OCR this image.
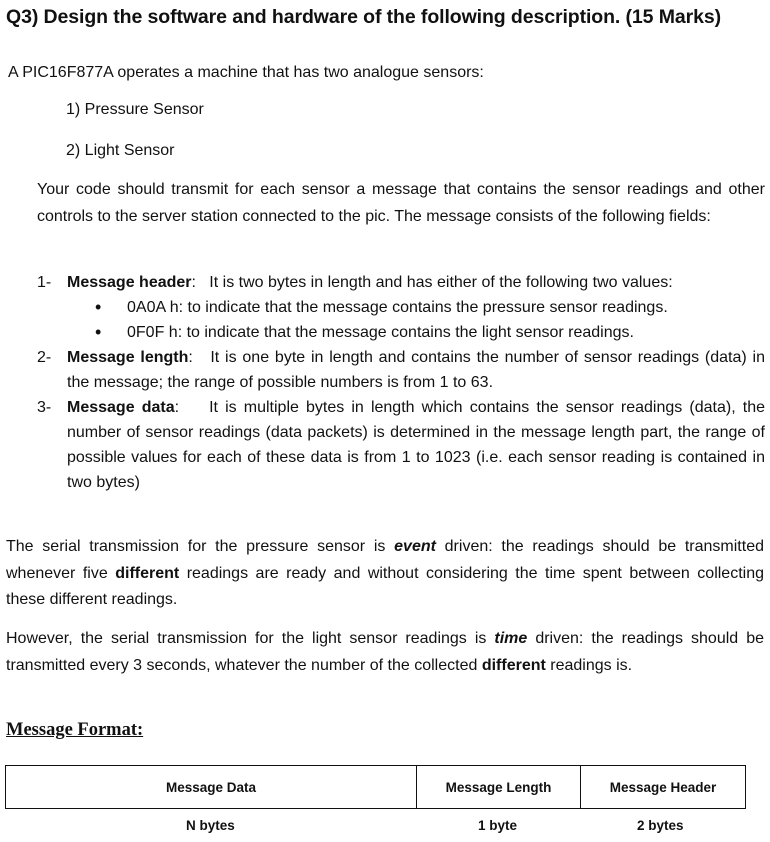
Q3) Design the software and hardware of the following description. (15 Marks)
A PIC16F877A operates a machine that has two analogue sensors:
1) Pressure Sensor
2) Light Sensor
Your code should transmit for each sensor a message that contains the sensor readings and other controls to the server station connected to the pic. The message consists of the following fields:
1- Message header:   It is two bytes in length and has either of the following two values:
• 0A0A h: to indicate that the message contains the pressure sensor readings.
• 0F0F h: to indicate that the message contains the light sensor readings.
2- Message length:   It is one byte in length and contains the number of sensor readings (data) in the message; the range of possible numbers is from 1 to 63.
3- Message data: It is multiple bytes in length which contains the sensor readings (data), the number of sensor readings (data packets) is determined in the message length part, the range of possible values for each of these data is from 1 to 1023 (i.e. each sensor reading is contained in two bytes)
The serial transmission for the pressure sensor is event driven: the readings should be transmitted whenever five different readings are ready and without considering the time spent between collecting these different readings.
However, the serial transmission for the light sensor readings is time driven: the readings should be transmitted every 3 seconds, whatever the number of the collected different readings is.
Message Format:
Message Data	Message Length	Message Header
N bytes	1 byte	2 bytes
